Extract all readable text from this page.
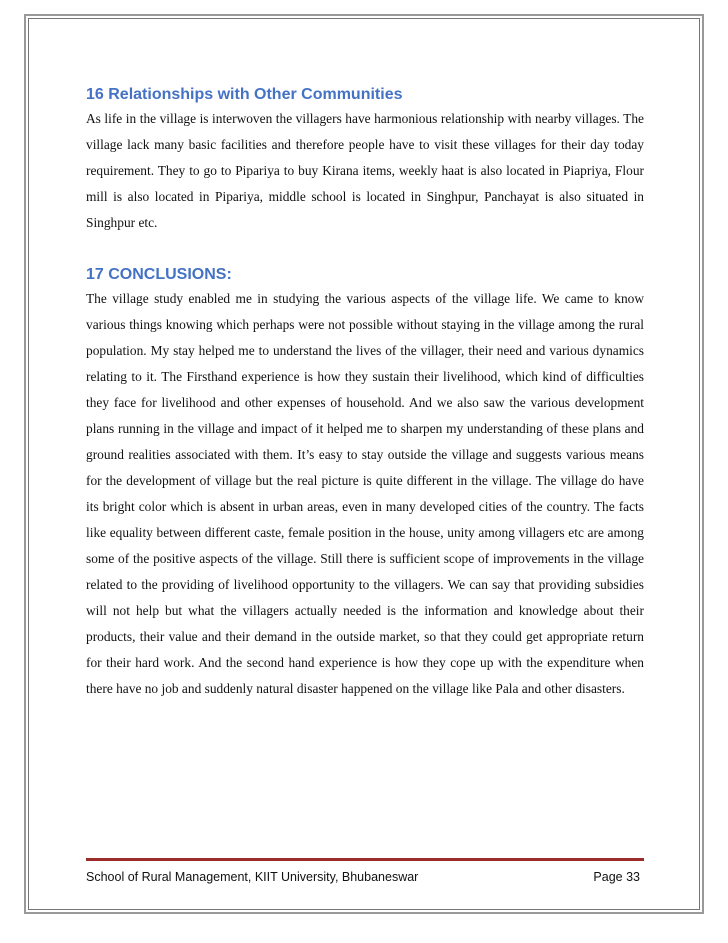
16 Relationships with Other Communities

As life in the village is interwoven the villagers have harmonious relationship with nearby villages. The village lack many basic facilities and therefore people have to visit these villages for their day today requirement. They to go to Pipariya to buy Kirana items, weekly haat is also located in Piapriya, Flour mill is also located in Pipariya, middle school is located in Singhpur, Panchayat is also situated in Singhpur etc.

17 CONCLUSIONS:

The village study enabled me in studying the various aspects of the village life. We came to know various things knowing which perhaps were not possible without staying in the village among the rural population. My stay helped me to understand the lives of the villager, their need and various dynamics relating to it. The Firsthand experience is how they sustain their livelihood, which kind of difficulties they face for livelihood and other expenses of household. And we also saw the various development plans running in the village and impact of it helped me to sharpen my understanding of these plans and ground realities associated with them. It’s easy to stay outside the village and suggests various means for the development of village but the real picture is quite different in the village. The village do have its bright color which is absent in urban areas, even in many developed cities of the country. The facts like equality between different caste, female position in the house, unity among villagers etc are among some of the positive aspects of the village. Still there is sufficient scope of improvements in the village related to the providing of livelihood opportunity to the villagers. We can say that providing subsidies will not help but what the villagers actually needed is the information and knowledge about their products, their value and their demand in the outside market, so that they could get appropriate return for their hard work. And the second hand experience is how they cope up with the expenditure when there have no job and suddenly natural disaster happened on the village like Pala and other disasters.

School of Rural Management, KIIT University, Bhubaneswar	Page 33
